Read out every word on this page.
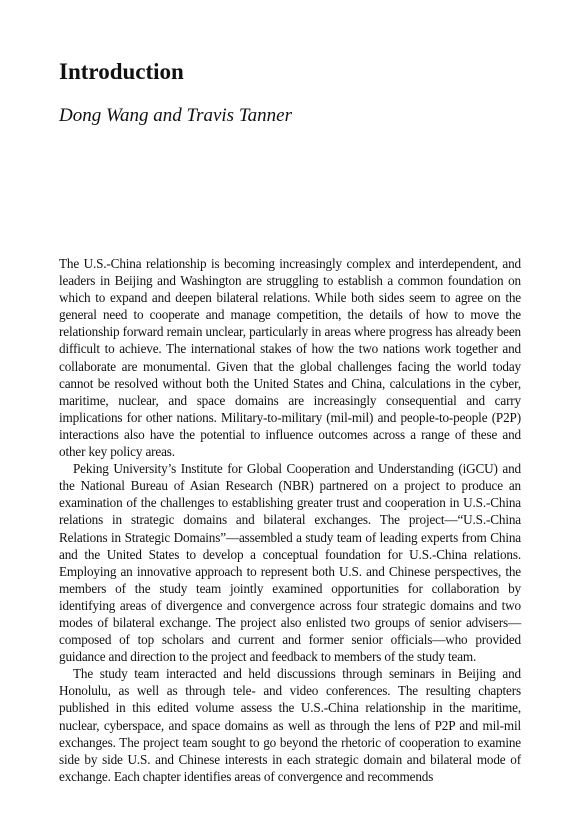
Introduction

Dong Wang and Travis Tanner

The U.S.-China relationship is becoming increasingly complex and interdependent, and leaders in Beijing and Washington are struggling to establish a common foundation on which to expand and deepen bilateral relations. While both sides seem to agree on the general need to cooperate and manage competition, the details of how to move the relationship forward remain unclear, particularly in areas where progress has already been difficult to achieve. The international stakes of how the two nations work together and collaborate are monumental. Given that the global challenges facing the world today cannot be resolved without both the United States and China, calculations in the cyber, maritime, nuclear, and space domains are increasingly consequential and carry implications for other nations. Military-to-military (mil-mil) and people-to-people (P2P) interactions also have the potential to influence outcomes across a range of these and other key policy areas.

Peking University’s Institute for Global Cooperation and Understanding (iGCU) and the National Bureau of Asian Research (NBR) partnered on a project to produce an examination of the challenges to establishing greater trust and cooperation in U.S.-China relations in strategic domains and bilateral exchanges. The project—“U.S.-China Relations in Strategic Domains”—assembled a study team of leading experts from China and the United States to develop a conceptual foundation for U.S.-China relations. Employing an innovative approach to represent both U.S. and Chinese perspectives, the members of the study team jointly examined opportunities for collaboration by identifying areas of divergence and convergence across four strategic domains and two modes of bilateral exchange. The project also enlisted two groups of senior advisers—composed of top scholars and current and former senior officials—who provided guidance and direction to the project and feedback to members of the study team.

The study team interacted and held discussions through seminars in Beijing and Honolulu, as well as through tele- and video conferences. The resulting chapters published in this edited volume assess the U.S.-China relationship in the maritime, nuclear, cyberspace, and space domains as well as through the lens of P2P and mil-mil exchanges. The project team sought to go beyond the rhetoric of cooperation to examine side by side U.S. and Chinese interests in each strategic domain and bilateral mode of exchange. Each chapter identifies areas of convergence and recommends
